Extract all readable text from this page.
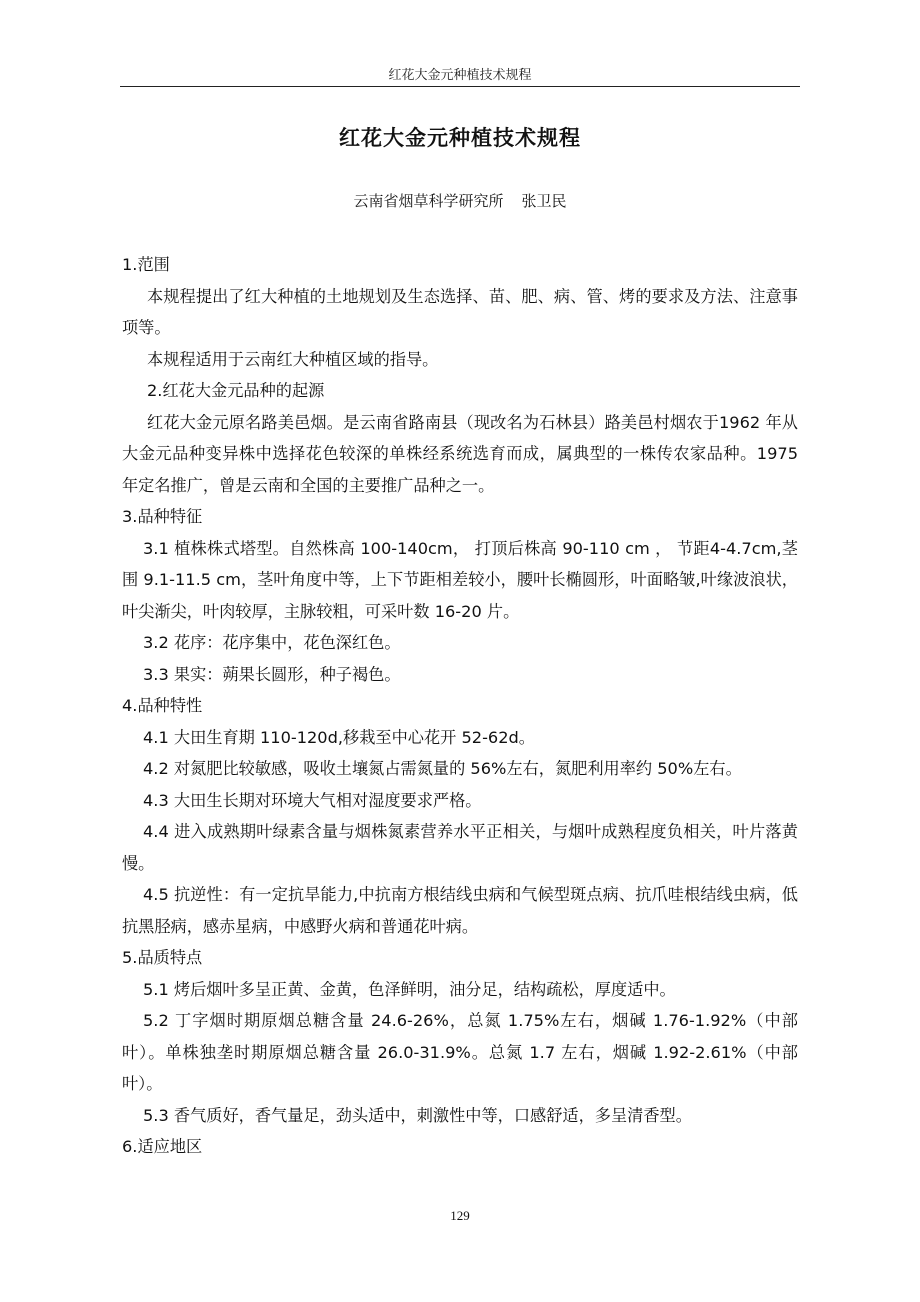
红花大金元种植技术规程
红花大金元种植技术规程
云南省烟草科学研究所 张卫民

1.范围

本规程提出了红大种植的土地规划及生态选择、苗、肥、病、管、烤的要求及方法、注意事项等。

本规程适用于云南红大种植区域的指导。

2.红花大金元品种的起源

红花大金元原名路美邑烟。是云南省路南县（现改名为石林县）路美邑村烟农于1962 年从大金元品种变异株中选择花色较深的单株经系统选育而成，属典型的一株传农家品种。1975 年定名推广，曾是云南和全国的主要推广品种之一。

3.品种特征

3.1 植株株式塔型。自然株高 100-140cm， 打顶后株高 90-110 cm ， 节距4-4.7cm,茎围 9.1-11.5 cm，茎叶角度中等，上下节距相差较小，腰叶长椭圆形，叶面略皱,叶缘波浪状，叶尖渐尖，叶肉较厚，主脉较粗，可采叶数 16-20 片。

3.2 花序：花序集中，花色深红色。

3.3 果实：蒴果长圆形，种子褐色。

4.品种特性

4.1 大田生育期 110-120d,移栽至中心花开 52-62d。

4.2 对氮肥比较敏感，吸收土壤氮占需氮量的 56%左右，氮肥利用率约 50%左右。

4.3 大田生长期对环境大气相对湿度要求严格。

4.4 进入成熟期叶绿素含量与烟株氮素营养水平正相关，与烟叶成熟程度负相关，叶片落黄慢。

4.5 抗逆性：有一定抗旱能力,中抗南方根结线虫病和气候型斑点病、抗爪哇根结线虫病，低抗黑胫病，感赤星病，中感野火病和普通花叶病。

5.品质特点

5.1 烤后烟叶多呈正黄、金黄，色泽鲜明，油分足，结构疏松，厚度适中。

5.2 丁字烟时期原烟总糖含量 24.6-26%，总氮 1.75%左右，烟碱 1.76-1.92%（中部叶）。单株独垄时期原烟总糖含量 26.0-31.9%。总氮 1.7 左右，烟碱 1.92-2.61%（中部叶）。

5.3 香气质好，香气量足，劲头适中，刺激性中等，口感舒适，多呈清香型。

6.适应地区

129
